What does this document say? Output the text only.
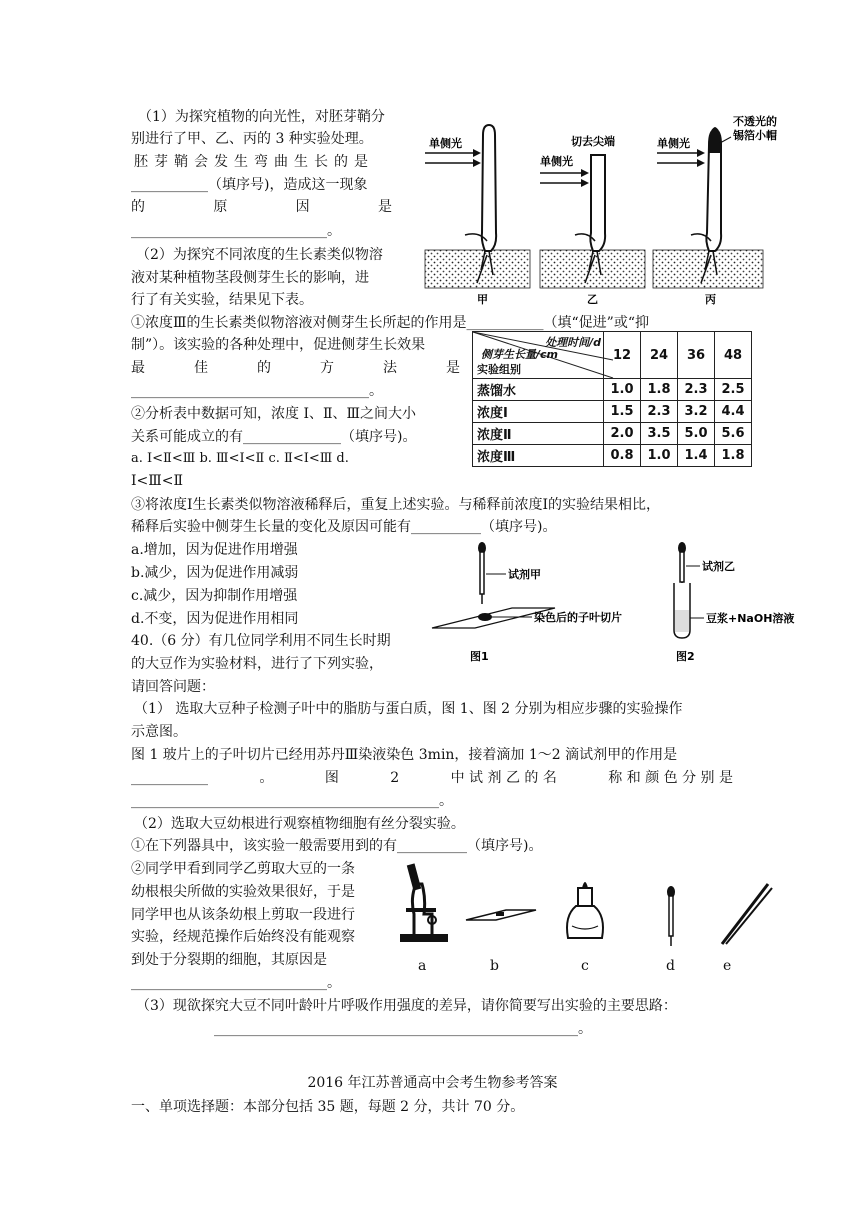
（1）为探究植物的向光性，对胚芽鞘分
别进行了甲、乙、丙的 3 种实验处理。
胚芽鞘会发生弯曲生长的是
___________（填序号)，造成这一现象
的	原	因	是
____________________________。
（2）为探究不同浓度的生长素类似物溶
液对某种植物茎段侧芽生长的影响，进
行了有关实验，结果见下表。
①浓度Ⅲ的生长素类似物溶液对侧芽生长所起的作用是___________（填“促进”或“抑
制”）。该实验的各种处理中，促进侧芽生长效果
最	佳	的	方	法	是
__________________________________。
②分析表中数据可知，浓度 Ⅰ、Ⅱ、Ⅲ之间大小
关系可能成立的有______________（填序号)。
a. Ⅰ<Ⅱ<Ⅲ b. Ⅲ<Ⅰ<Ⅱ c. Ⅱ<Ⅰ<Ⅲ d.
Ⅰ<Ⅲ<Ⅱ
③将浓度Ⅰ生长素类似物溶液稀释后，重复上述实验。与稀释前浓度Ⅰ的实验结果相比，
稀释后实验中侧芽生长量的变化及原因可能有__________（填序号)。
a.增加，因为促进作用增强
b.减少，因为促进作用减弱
c.减少，因为抑制作用增强
d.不变，因为促进作用相同
单侧光
单侧光
切去尖端	单侧光
不透光的
锡箔小帽
甲	乙	丙
处理时间/d
侧芽生长量/cm
实验组别	12	24	36	48
蒸馏水	1.0	1.8	2.3	2.5
浓度Ⅰ	1.5	2.3	3.2	4.4
浓度Ⅱ	2.0	3.5	5.0	5.6
浓度Ⅲ	0.8	1.0	1.4	1.8
试剂甲
染色后的子叶切片
图1
试剂乙
豆浆+NaOH溶液
图2
40.（6 分）有几位同学利用不同生长时期
的大豆作为实验材料，进行了下列实验，
请回答问题：
（1） 选取大豆种子检测子叶中的脂肪与蛋白质，图 1、图 2 分别为相应步骤的实验操作
示意图。
图 1 玻片上的子叶切片已经用苏丹Ⅲ染液染色 3min，接着滴加 1～2 滴试剂甲的作用是
___________	。	图	2	中 试 剂 乙 的 名	称 和 颜 色 分 别 是
____________________________________________。
（2）选取大豆幼根进行观察植物细胞有丝分裂实验。
①在下列器具中，该实验一般需要用到的有__________（填序号)。
②同学甲看到同学乙剪取大豆的一条
幼根根尖所做的实验效果很好，于是
同学甲也从该条幼根上剪取一段进行
实验，经规范操作后始终没有能观察
到处于分裂期的细胞，其原因是
____________________________。
（3）现欲探究大豆不同叶龄叶片呼吸作用强度的差异，请你简要写出实验的主要思路：
____________________________________________________。
a	b	c	d	e
2016 年江苏普通高中会考生物参考答案
一、单项选择题：本部分包括 35 题，每题 2 分，共计 70 分。
